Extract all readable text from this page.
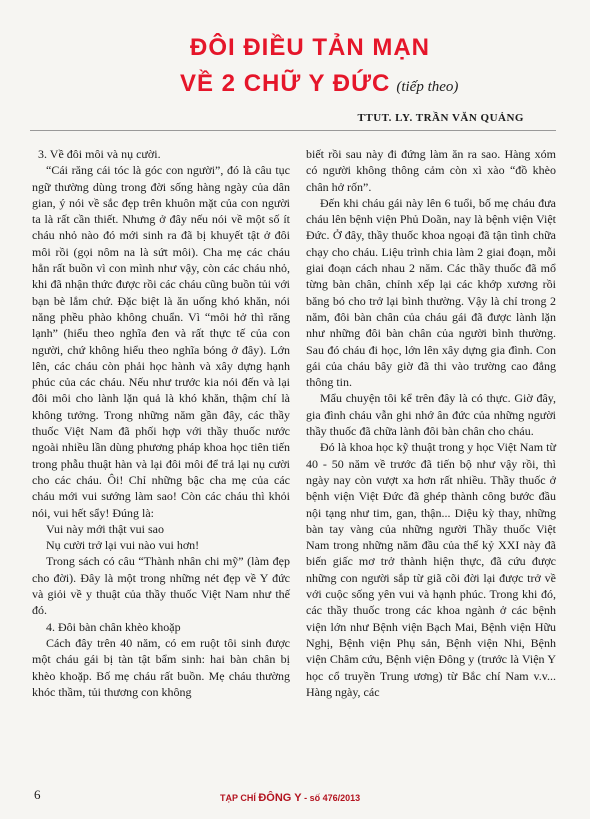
ĐÔI ĐIỀU TẢN MẠN
VỀ 2 CHỮ Y ĐỨC (tiếp theo)
TTUT. LY. TRẦN VĂN QUẢNG

3. Về đôi môi và nụ cười.

“Cái răng cái tóc là góc con người”, đó là câu tục ngữ thường dùng trong đời sống hàng ngày của dân gian, ý nói về sắc đẹp trên khuôn mặt của con người ta là rất cần thiết. Nhưng ở đây nếu nói về một số ít cháu nhỏ nào đó mới sinh ra đã bị khuyết tật ở đôi môi rồi (gọi nôm na là sứt môi). Cha mẹ các cháu hẳn rất buồn vì con mình như vậy, còn các cháu nhỏ, khi đã nhận thức được rồi các cháu cũng buồn tủi với bạn bè lắm chứ. Đặc biệt là ăn uống khó khăn, nói năng phều phào không chuẩn. Vì “môi hở thì răng lạnh” (hiểu theo nghĩa đen và rất thực tế của con người, chứ không hiểu theo nghĩa bóng ở đây). Lớn lên, các cháu còn phải học hành và xây dựng hạnh phúc của các cháu. Nếu như trước kia nói đến và lại đôi môi cho lành lặn quả là khó khăn, thậm chí là không tưởng. Trong những năm gần đây, các thầy thuốc Việt Nam đã phối hợp với thầy thuốc nước ngoài nhiều lần dùng phương pháp khoa học tiên tiến trong phẫu thuật hàn và lại đôi môi để trả lại nụ cười cho các cháu. Ôi! Chỉ những bậc cha mẹ của các cháu mới vui sướng làm sao! Còn các cháu thì khỏi nói, vui hết sẩy! Đúng là:

Vui này mới thật vui sao

Nụ cười trở lại vui nào vui hơn!

Trong sách có câu “Thành nhân chi mỹ” (làm đẹp cho đời). Đây là một trong những nét đẹp về Y đức và giỏi về y thuật của thầy thuốc Việt Nam như thế đó.

4. Đôi bàn chân khèo khoặp

Cách đây trên 40 năm, có em ruột tôi sinh được một cháu gái bị tàn tật bẩm sinh: hai bàn chân bị khèo khoặp. Bố mẹ cháu rất buồn. Mẹ cháu thường khóc thầm, tủi thương con không

biết rồi sau này đi đứng làm ăn ra sao. Hàng xóm có người không thông cảm còn xì xào “đồ khèo chân hở rốn”.

Đến khi cháu gái này lên 6 tuổi, bố mẹ cháu đưa cháu lên bệnh viện Phủ Doãn, nay là bệnh viện Việt Đức. Ở đây, thầy thuốc khoa ngoại đã tận tình chữa chạy cho cháu. Liệu trình chia làm 2 giai đoạn, mỗi giai đoạn cách nhau 2 năm. Các thầy thuốc đã mổ từng bàn chân, chỉnh xếp lại các khớp xương rồi băng bó cho trở lại bình thường. Vậy là chỉ trong 2 năm, đôi bàn chân của cháu gái đã được lành lặn như những đôi bàn chân của người bình thường. Sau đó cháu đi học, lớn lên xây dựng gia đình. Con gái của cháu bây giờ đã thi vào trường cao đẳng thông tin.

Mẩu chuyện tôi kể trên đây là có thực. Giờ đây, gia đình cháu vẫn ghi nhớ ân đức của những người thầy thuốc đã chữa lành đôi bàn chân cho cháu.

Đó là khoa học kỹ thuật trong y học Việt Nam từ 40 - 50 năm về trước đã tiến bộ như vậy rồi, thì ngày nay còn vượt xa hơn rất nhiều. Thầy thuốc ở bệnh viện Việt Đức đã ghép thành công bước đầu nội tạng như tim, gan, thận... Diệu kỳ thay, những bàn tay vàng của những người Thầy thuốc Việt Nam trong những năm đầu của thế kỷ XXI này đã biến giấc mơ trở thành hiện thực, đã cứu được những con người sắp từ giã cõi đời lại được trở về với cuộc sống yên vui và hạnh phúc. Trong khi đó, các thầy thuốc trong các khoa ngành ở các bệnh viện lớn như Bệnh viện Bạch Mai, Bệnh viện Hữu Nghị, Bệnh viện Phụ sản, Bệnh viện Nhi, Bệnh viện Châm cứu, Bệnh viện Đông y (trước là Viện Y học cổ truyền Trung ương) từ Bắc chí Nam v.v... Hàng ngày, các

6	TẠP CHÍ ĐÔNG Y - số 476/2013
